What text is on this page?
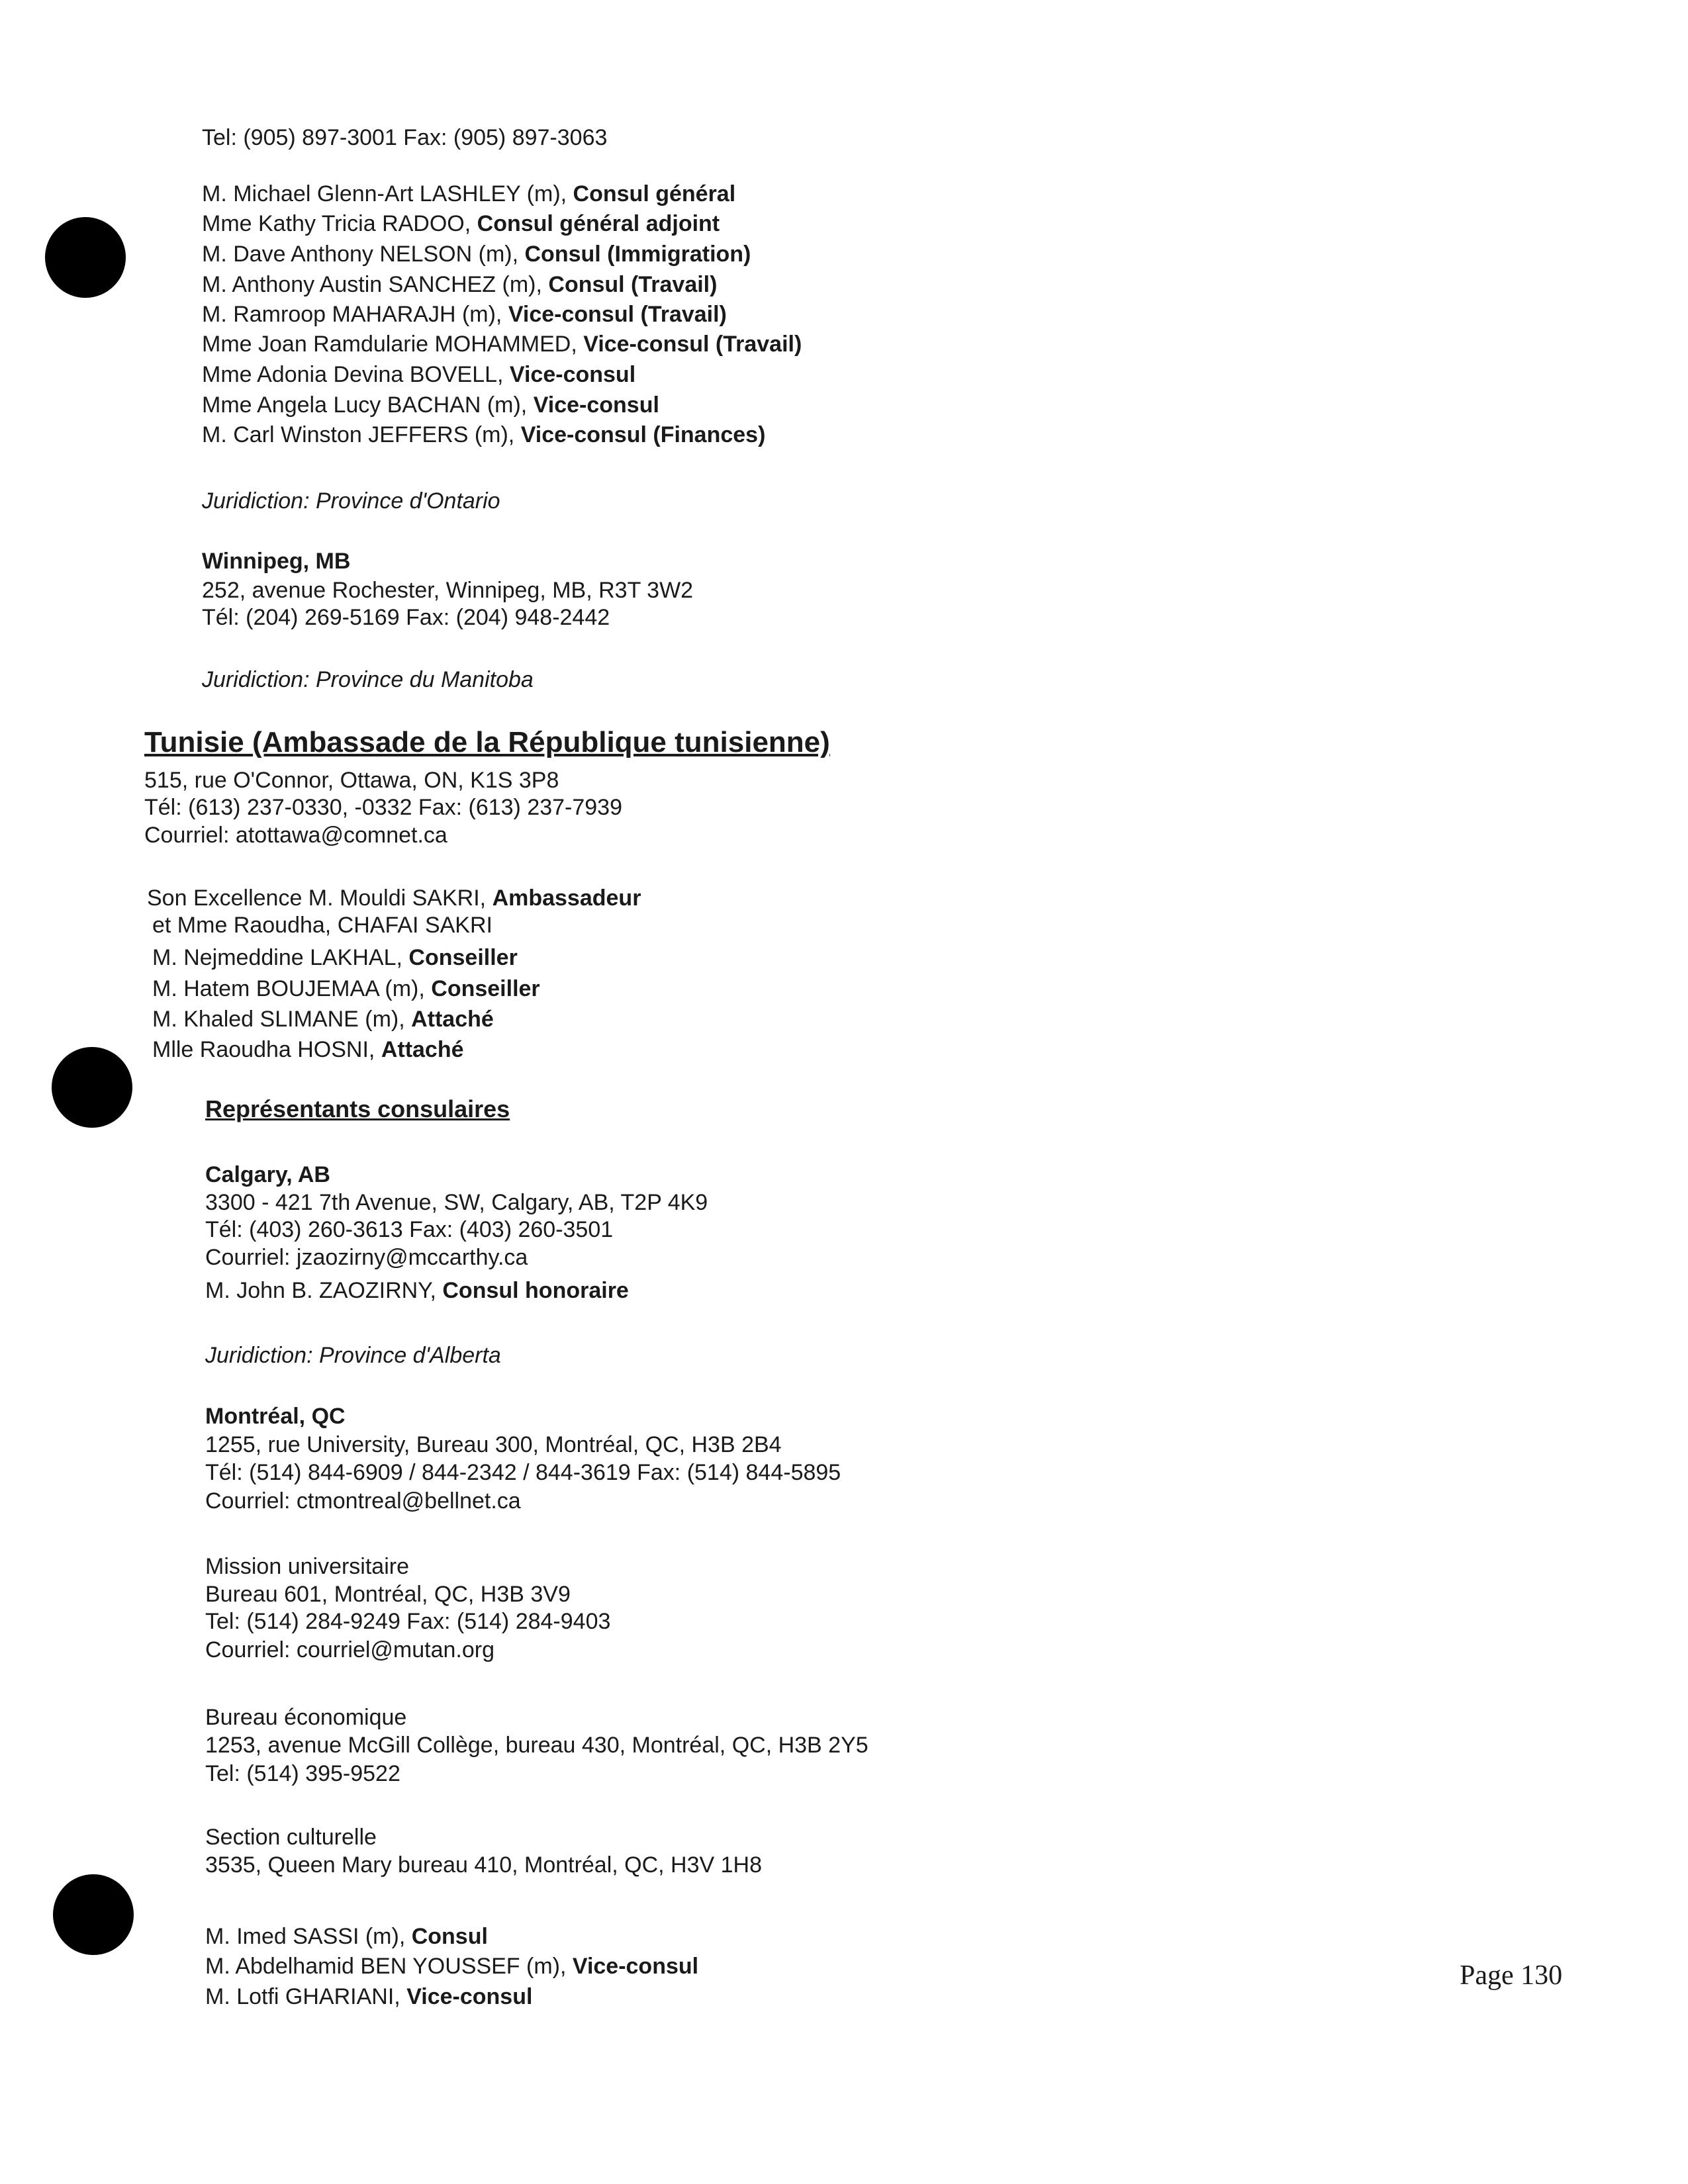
Tel: (905) 897-3001 Fax: (905) 897-3063

M. Michael Glenn-Art LASHLEY (m), Consul général

Mme Kathy Tricia RADOO, Consul général adjoint

M. Dave Anthony NELSON (m), Consul (Immigration)

M. Anthony Austin SANCHEZ (m), Consul (Travail)

M. Ramroop MAHARAJH (m), Vice-consul (Travail)

Mme Joan Ramdularie MOHAMMED, Vice-consul (Travail)

Mme Adonia Devina BOVELL, Vice-consul

Mme Angela Lucy BACHAN (m), Vice-consul

M. Carl Winston JEFFERS (m), Vice-consul (Finances)

Juridiction: Province d'Ontario

Winnipeg, MB

252, avenue Rochester, Winnipeg, MB, R3T 3W2

Tél: (204) 269-5169 Fax: (204) 948-2442

Juridiction: Province du Manitoba

Tunisie (Ambassade de la République tunisienne)

515, rue O'Connor, Ottawa, ON, K1S 3P8

Tél: (613) 237-0330, -0332 Fax: (613) 237-7939

Courriel: atottawa@comnet.ca

Son Excellence M. Mouldi SAKRI, Ambassadeur

et Mme Raoudha, CHAFAI SAKRI

M. Nejmeddine LAKHAL, Conseiller

M. Hatem BOUJEMAA (m), Conseiller

M. Khaled SLIMANE (m), Attaché

Mlle Raoudha HOSNI, Attaché

Représentants consulaires

Calgary, AB

3300 - 421 7th Avenue, SW, Calgary, AB, T2P 4K9

Tél: (403) 260-3613 Fax: (403) 260-3501

Courriel: jzaozirny@mccarthy.ca

M. John B. ZAOZIRNY, Consul honoraire

Juridiction: Province d'Alberta

Montréal, QC

1255, rue University, Bureau 300, Montréal, QC, H3B 2B4

Tél: (514) 844-6909 / 844-2342 / 844-3619 Fax: (514) 844-5895

Courriel: ctmontreal@bellnet.ca

Mission universitaire

Bureau 601, Montréal, QC, H3B 3V9

Tel: (514) 284-9249 Fax: (514) 284-9403

Courriel: courriel@mutan.org

Bureau économique

1253, avenue McGill Collège, bureau 430, Montréal, QC, H3B 2Y5

Tel: (514) 395-9522

Section culturelle

3535, Queen Mary bureau 410, Montréal, QC, H3V 1H8

M. Imed SASSI (m), Consul

M. Abdelhamid BEN YOUSSEF (m), Vice-consul

M. Lotfi GHARIANI, Vice-consul

Page 130
